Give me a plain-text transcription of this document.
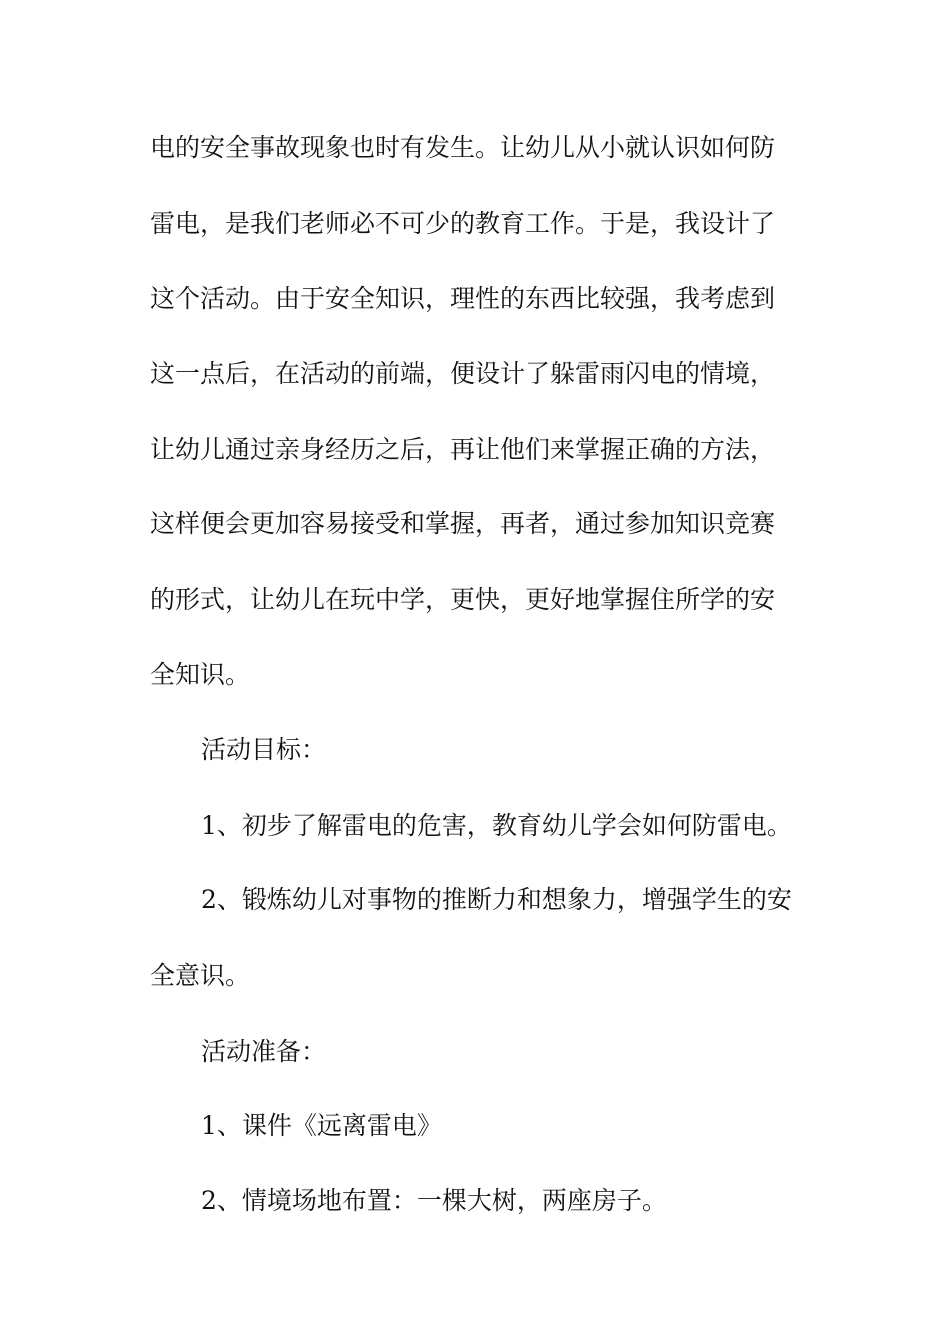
电的安全事故现象也时有发生。让幼儿从小就认识如何防

雷电，是我们老师必不可少的教育工作。于是，我设计了

这个活动。由于安全知识，理性的东西比较强，我考虑到

这一点后，在活动的前端，便设计了躲雷雨闪电的情境，

让幼儿通过亲身经历之后，再让他们来掌握正确的方法，

这样便会更加容易接受和掌握，再者，通过参加知识竞赛

的形式，让幼儿在玩中学，更快，更好地掌握住所学的安

全知识。

活动目标：

1、初步了解雷电的危害，教育幼儿学会如何防雷电。

2、锻炼幼儿对事物的推断力和想象力，增强学生的安

全意识。

活动准备：

1、课件《远离雷电》

2、情境场地布置：一棵大树，两座房子。
